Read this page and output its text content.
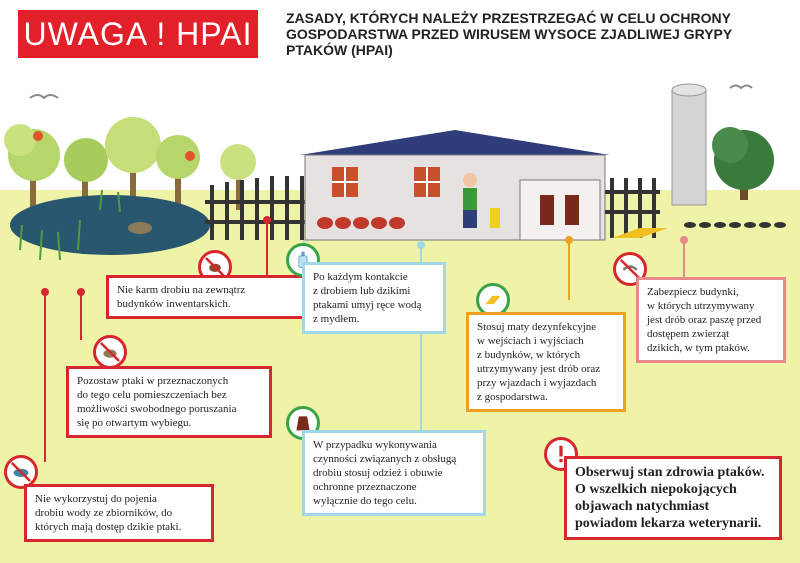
UWAGA ! HPAI	ZASADY, KTÓRYCH NALEŻY PRZESTRZEGAĆ W CELU OCHRONY
GOSPODARSTWA PRZED WIRUSEM WYSOCE ZJADLIWEJ GRYPY
PTAKÓW (HPAI)
Nie karm drobiu na zewnątrz
budynków inwentarskich.
Po każdym kontakcie
z drobiem lub dzikimi
ptakami umyj ręce wodą
z mydłem.
Stosuj maty dezynfekcyjne
w wejściach i wyjściach
z budynków, w których
utrzymywany jest drób oraz
przy wjazdach i wyjazdach
z gospodarstwa.
Zabezpiecz budynki,
w których utrzymywany
jest drób oraz paszę przed
dostępem zwierząt
dzikich, w tym ptaków.
Pozostaw ptaki w przeznaczonych
do tego celu pomieszczeniach bez
możliwości swobodnego poruszania
się po otwartym wybiegu.
W przypadku wykonywania
czynności związanych z obsługą
drobiu stosuj odzież i obuwie
ochronne przeznaczone
wyłącznie do tego celu.
Nie wykorzystuj do pojenia
drobiu wody ze zbiorników, do
których mają dostęp dzikie ptaki.
Obserwuj stan zdrowia ptaków.
O wszelkich niepokojących
objawach natychmiast
powiadom lekarza weterynarii.
